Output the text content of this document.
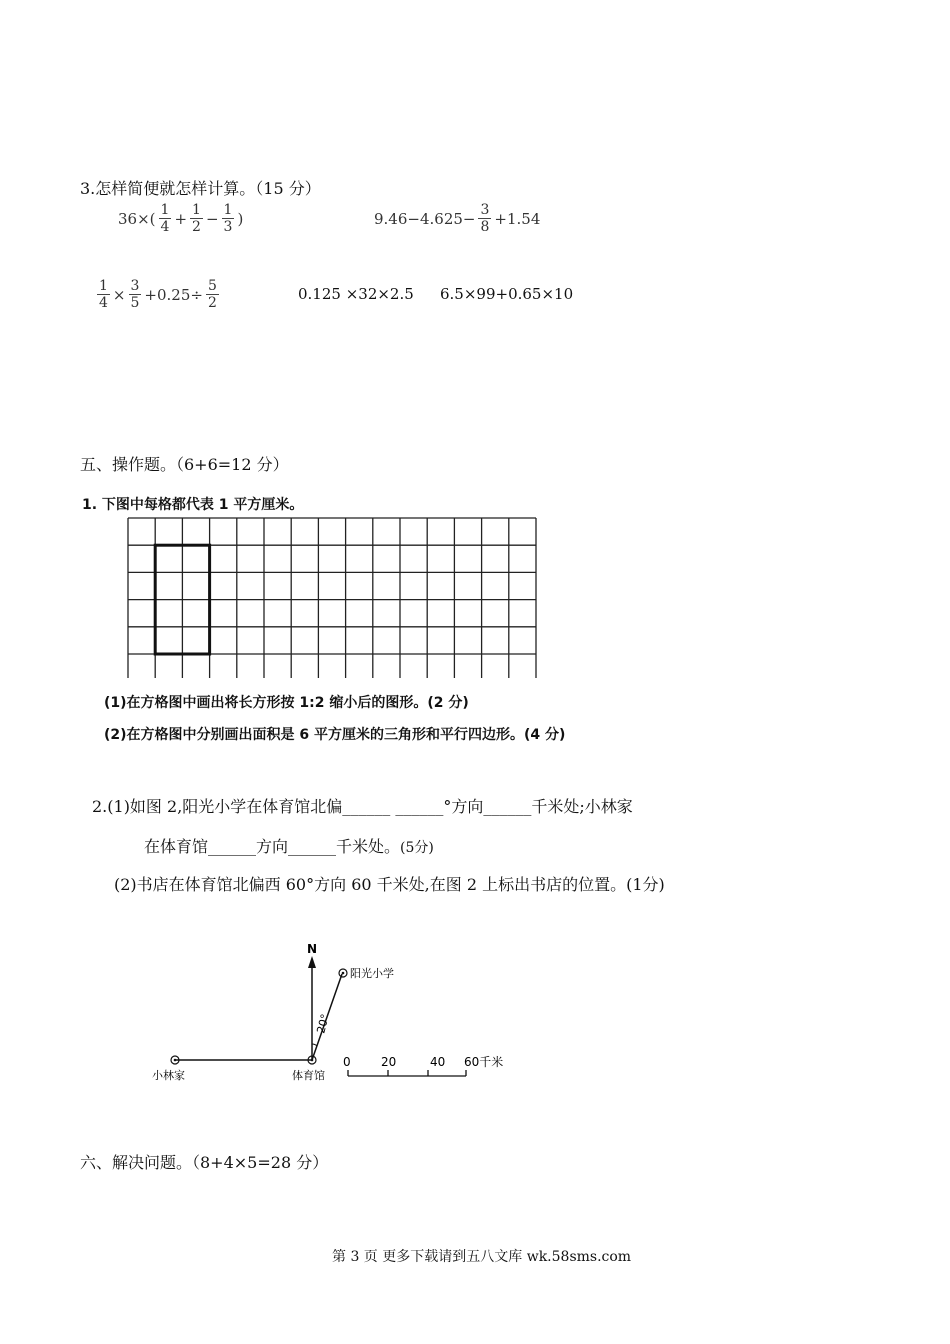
3.怎样简便就怎样计算。（15 分）
$36\times( \frac{1}{4} + \frac{1}{2} - \frac{1}{3}$ )	$9.46-4.625- \frac{3}{8} +1.54$
$\frac{1}{4} \times \frac{3}{5} +0.25\div \frac{5}{2}$	0.125 ×32×2.5 6.5×99+0.65×10
五、操作题。（6+6=12 分）
1. 下图中每格都代表 1 平方厘米。
(1)在方格图中画出将长方形按 1:2 缩小后的图形。(2 分)
(2)在方格图中分别画出面积是 6 平方厘米的三角形和平行四边形。(4 分)
2.(1)如图 2,阳光小学在体育馆北偏______ ______°方向______千米处;小林家
在体育馆______方向______千米处。(5分)
(2)书店在体育馆北偏西 60°方向 60 千米处,在图 2 上标出书店的位置。(1分)
N
阳光小学
20°
小林家	体育馆
0	20	40 60千米
六、解决问题。（8+4×5=28 分）
第 3 页 更多下载请到五八文库 wk.58sms.com
